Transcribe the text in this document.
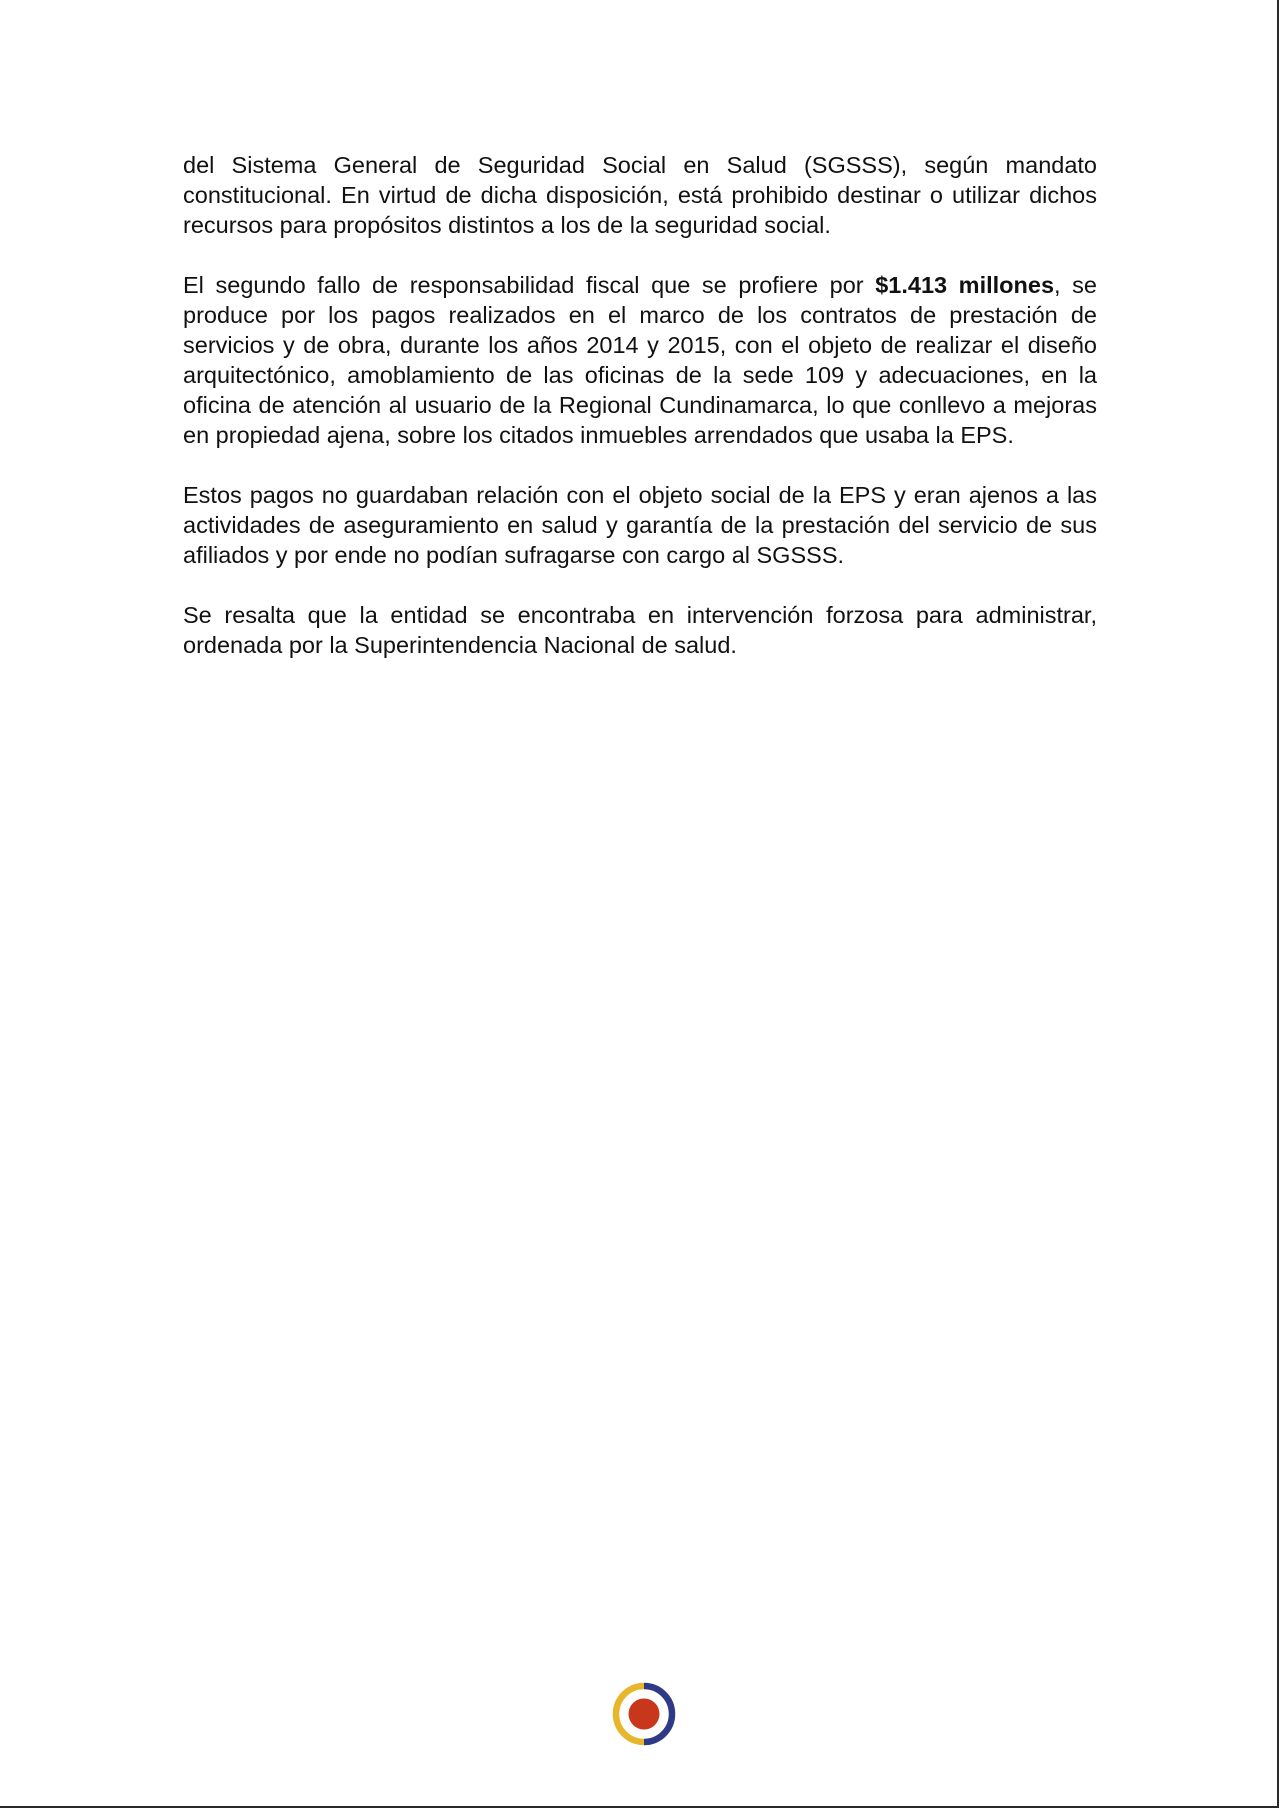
del Sistema General de Seguridad Social en Salud (SGSSS), según mandato constitucional. En virtud de dicha disposición, está prohibido destinar o utilizar dichos recursos para propósitos distintos a los de la seguridad social.

El segundo fallo de responsabilidad fiscal que se profiere por $1.413 millones, se produce por los pagos realizados en el marco de los contratos de prestación de servicios y de obra, durante los años 2014 y 2015, con el objeto de realizar el diseño arquitectónico, amoblamiento de las oficinas de la sede 109 y adecuaciones, en la oficina de atención al usuario de la Regional Cundinamarca, lo que conllevo a mejoras en propiedad ajena, sobre los citados inmuebles arrendados que usaba la EPS.

Estos pagos no guardaban relación con el objeto social de la EPS y eran ajenos a las actividades de aseguramiento en salud y garantía de la prestación del servicio de sus afiliados y por ende no podían sufragarse con cargo al SGSSS.

Se resalta que la entidad se encontraba en intervención forzosa para administrar, ordenada por la Superintendencia Nacional de salud.
